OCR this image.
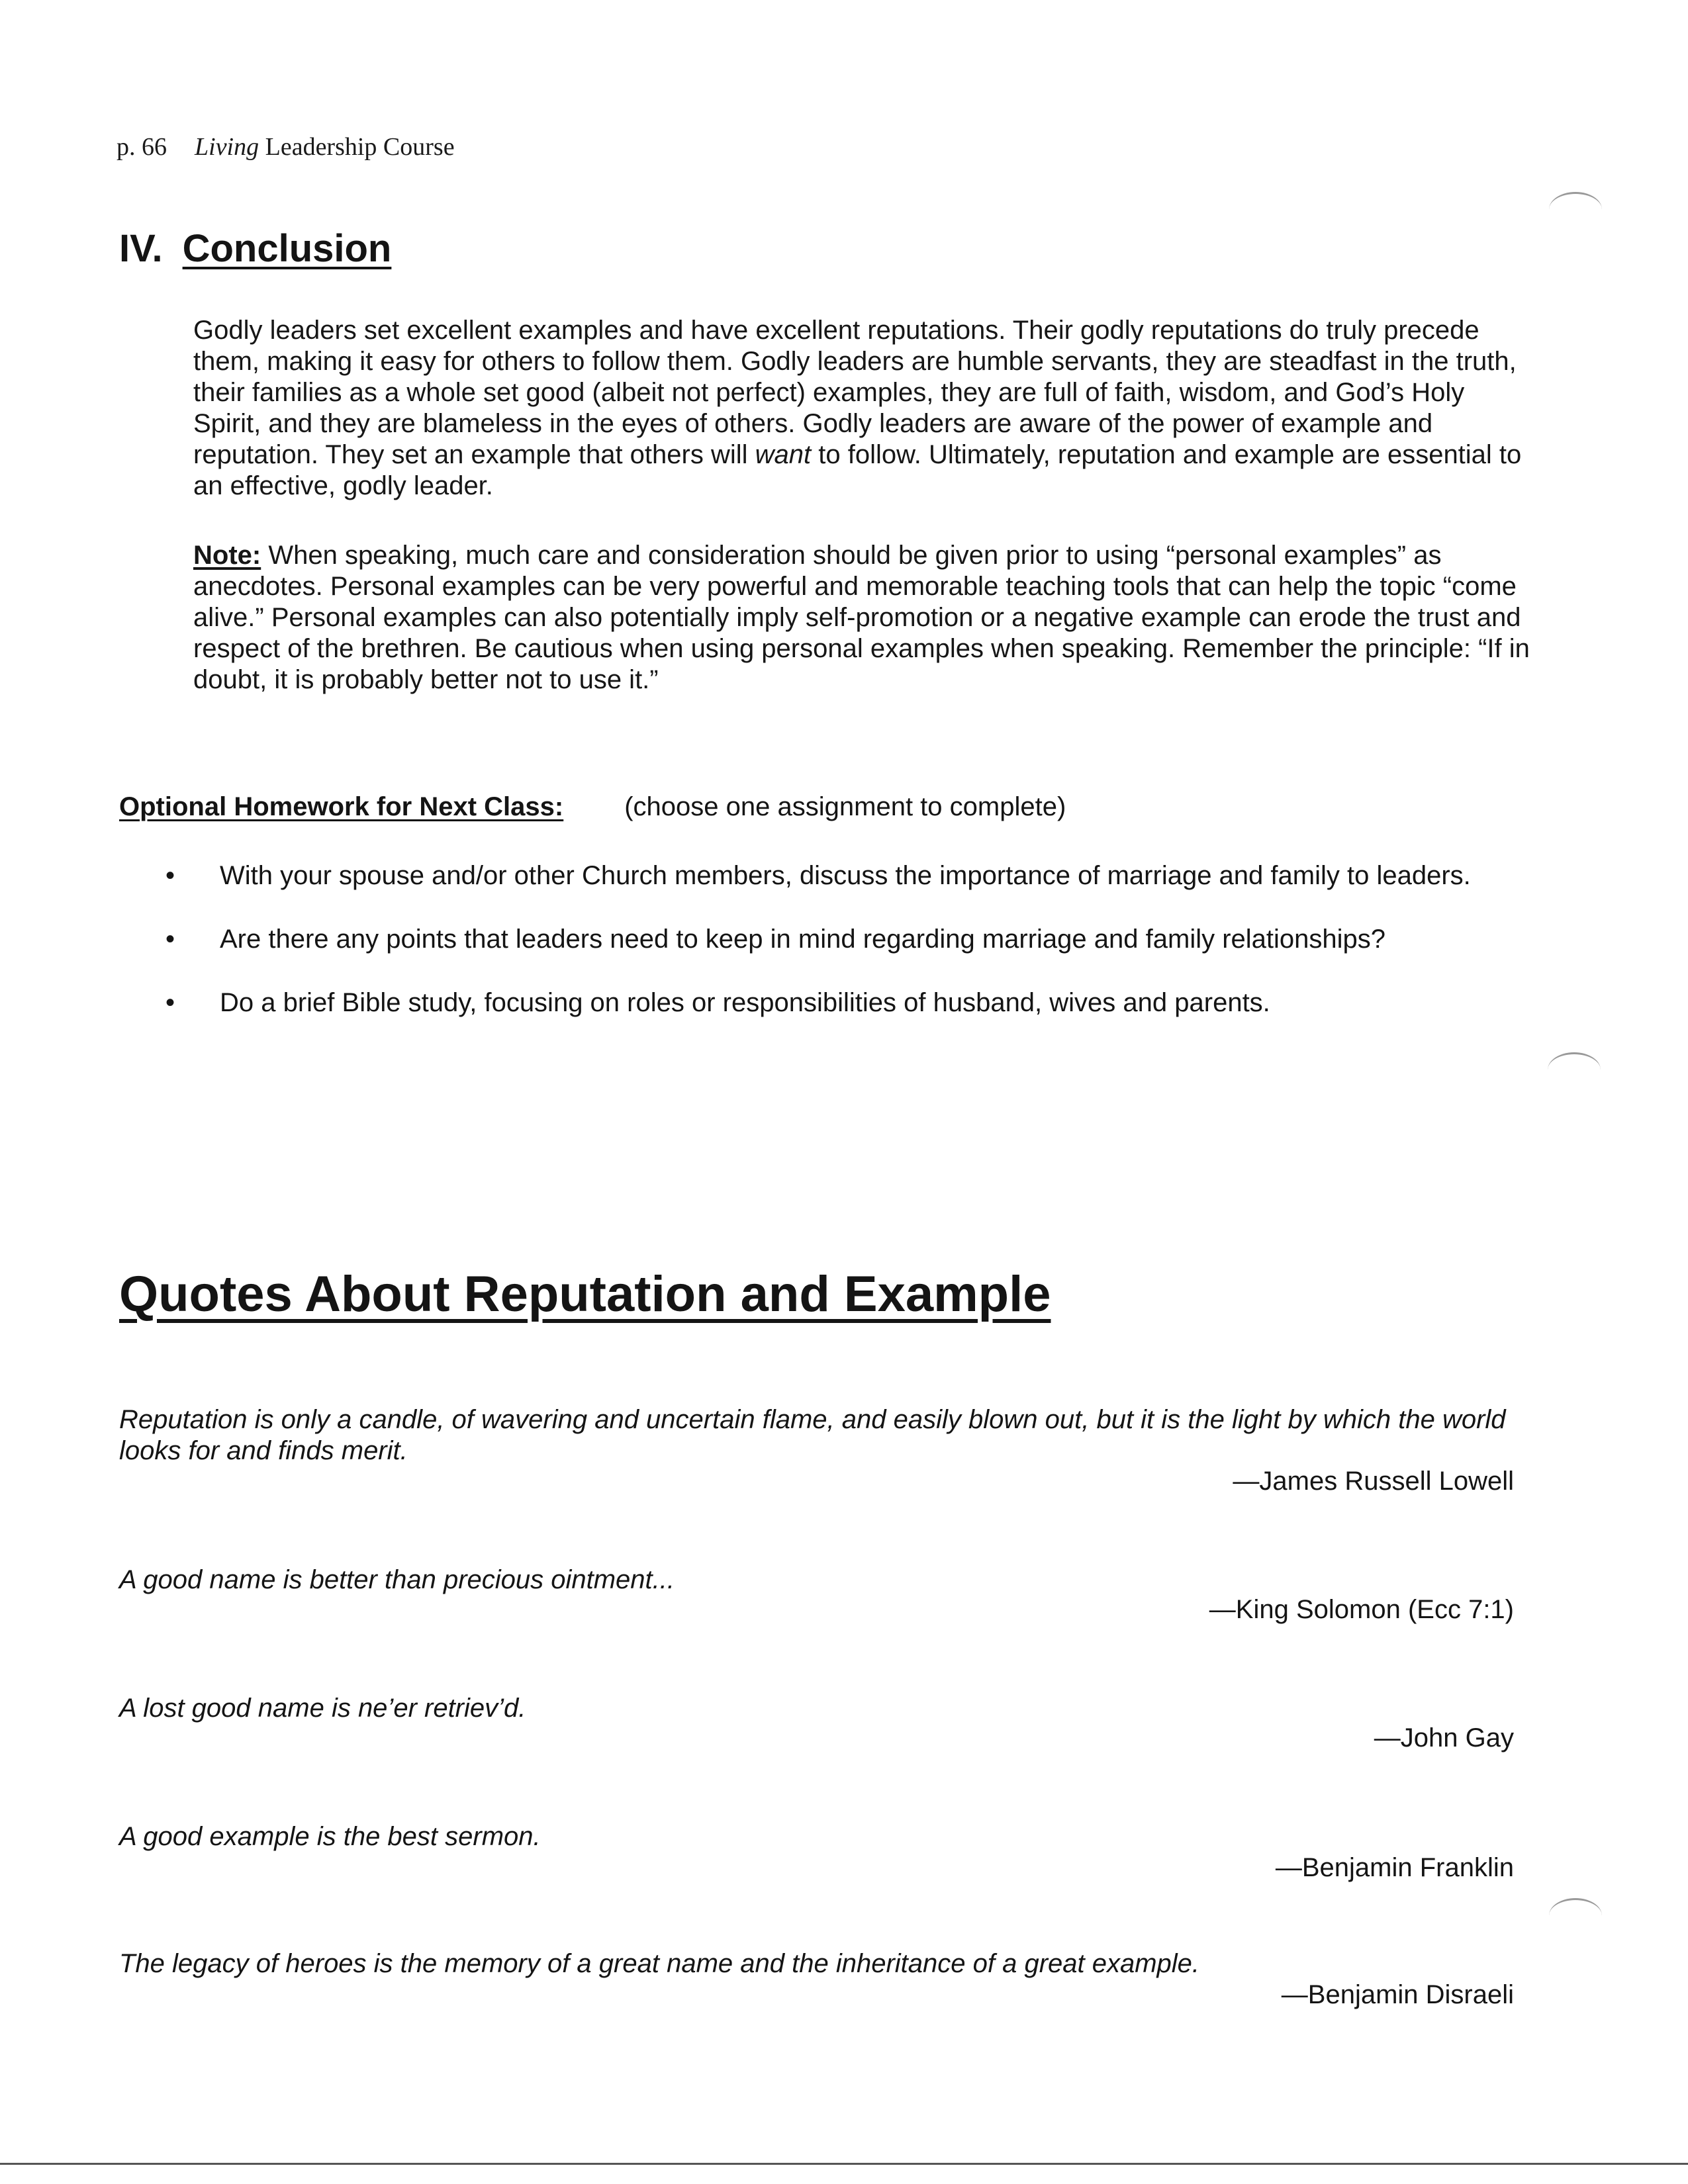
p. 66 Living Leadership Course
IV. Conclusion
Godly leaders set excellent examples and have excellent reputations. Their godly reputations do truly precede them, making it easy for others to follow them. Godly leaders are humble servants, they are steadfast in the truth, their families as a whole set good (albeit not perfect) examples, they are full of faith, wisdom, and God’s Holy Spirit, and they are blameless in the eyes of others. Godly leaders are aware of the power of example and reputation. They set an example that others will want to follow. Ultimately, reputation and example are essential to an effective, godly leader.
Note: When speaking, much care and consideration should be given prior to using “personal examples” as anecdotes. Personal examples can be very powerful and memorable teaching tools that can help the topic “come alive.” Personal examples can also potentially imply self-promotion or a negative example can erode the trust and respect of the brethren. Be cautious when using personal examples when speaking. Remember the principle: “If in doubt, it is probably better not to use it.”
Optional Homework for Next Class: (choose one assignment to complete)
• With your spouse and/or other Church members, discuss the importance of marriage and family to leaders.
• Are there any points that leaders need to keep in mind regarding marriage and family relationships?
• Do a brief Bible study, focusing on roles or responsibilities of husband, wives and parents.
Quotes About Reputation and Example
Reputation is only a candle, of wavering and uncertain flame, and easily blown out, but it is the light by which the world looks for and finds merit.
—James Russell Lowell
A good name is better than precious ointment...
—King Solomon (Ecc 7:1)
A lost good name is ne’er retriev’d.
—John Gay
A good example is the best sermon.
—Benjamin Franklin
The legacy of heroes is the memory of a great name and the inheritance of a great example.
—Benjamin Disraeli
